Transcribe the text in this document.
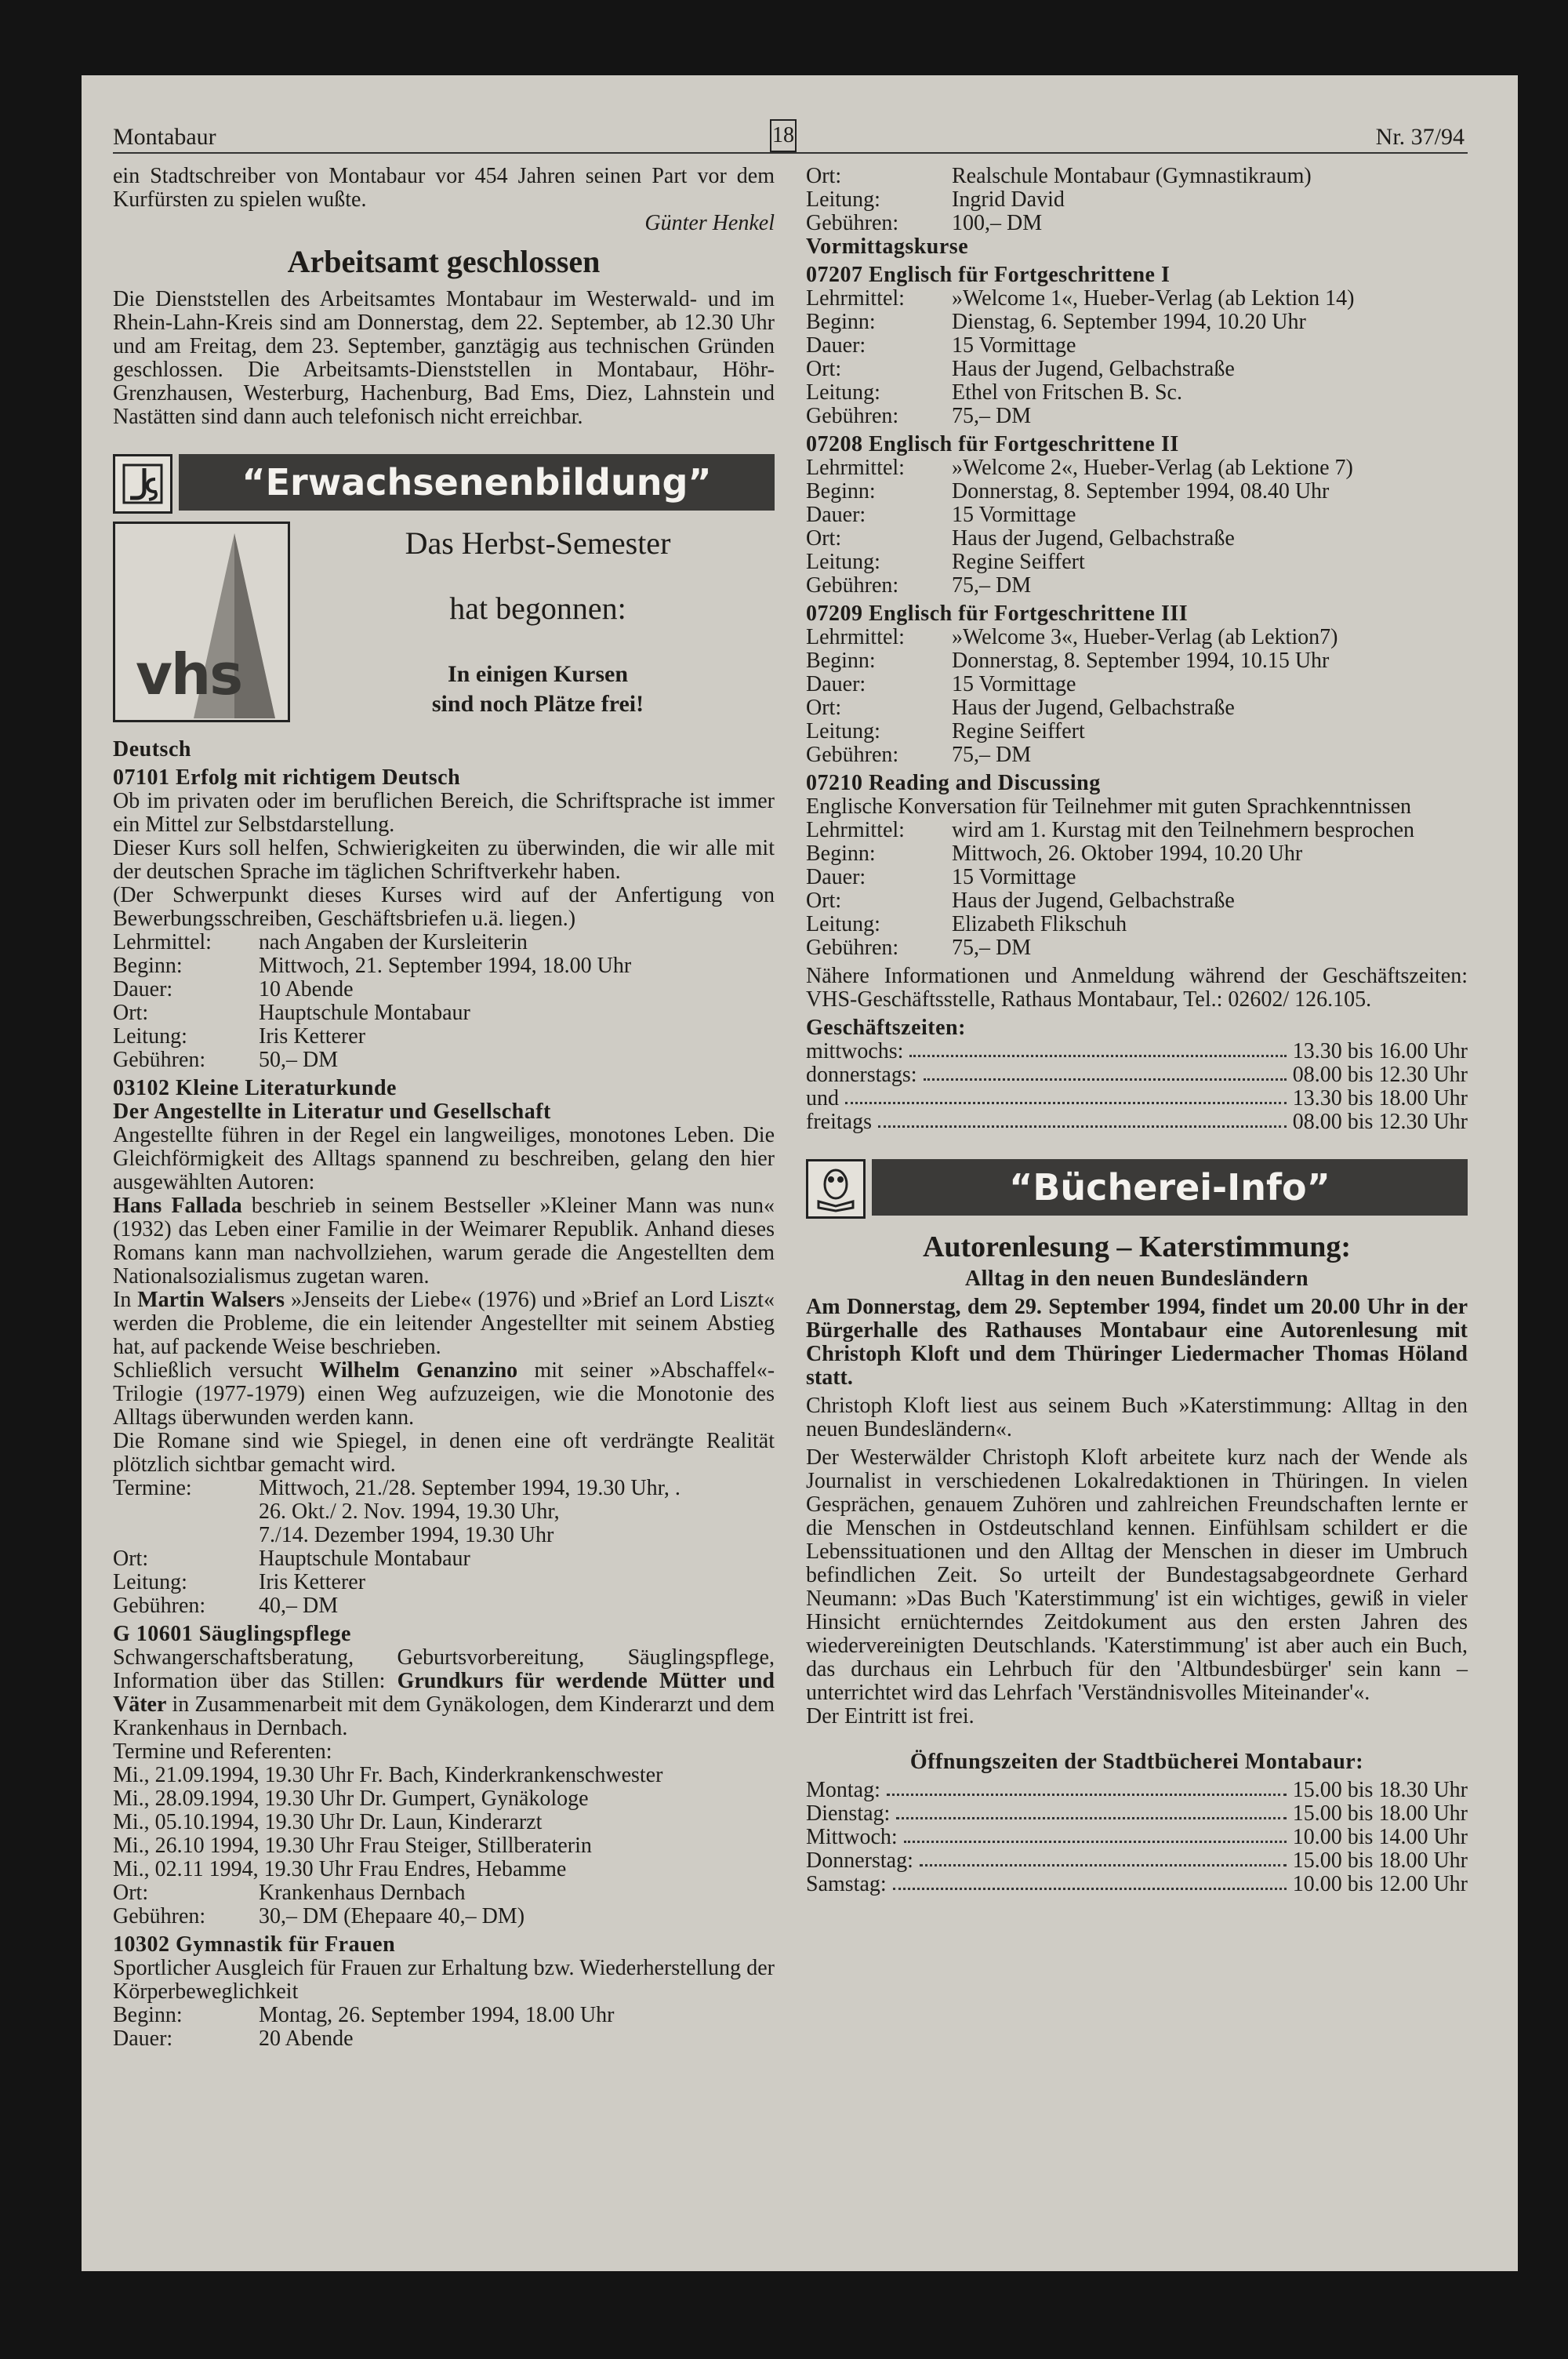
Montabaur	18	Nr. 37/94

ein Stadtschreiber von Montabaur vor 454 Jahren seinen Part vor dem Kurfürsten zu spielen wußte.

Günter Henkel

Arbeitsamt geschlossen

Die Dienststellen des Arbeitsamtes Montabaur im Westerwald- und im Rhein-Lahn-Kreis sind am Donnerstag, dem 22. September, ab 12.30 Uhr und am Freitag, dem 23. September, ganztägig aus technischen Gründen geschlossen. Die Arbeitsamts-Dienststellen in Montabaur, Höhr-Grenzhausen, Westerburg, Hachenburg, Bad Ems, Diez, Lahnstein und Nastätten sind dann auch telefonisch nicht erreichbar.

“Erwachsenenbildung”
vhs
Das Herbst-Semester
hat begonnen:
In einigen Kursen
sind noch Plätze frei!

Deutsch

07101 Erfolg mit richtigem Deutsch

Ob im privaten oder im beruflichen Bereich, die Schriftsprache ist immer ein Mittel zur Selbstdarstellung.

Dieser Kurs soll helfen, Schwierigkeiten zu überwinden, die wir alle mit der deutschen Sprache im täglichen Schriftverkehr haben.

(Der Schwerpunkt dieses Kurses wird auf der Anfertigung von Bewerbungsschreiben, Geschäftsbriefen u.ä. liegen.)

Lehrmittel:	nach Angaben der Kursleiterin
Beginn:	Mittwoch, 21. September 1994, 18.00 Uhr
Dauer:	10 Abende
Ort:	Hauptschule Montabaur
Leitung:	Iris Ketterer
Gebühren:	50,– DM

03102 Kleine Literaturkunde

Der Angestellte in Literatur und Gesellschaft

Angestellte führen in der Regel ein langweiliges, monotones Leben. Die Gleichförmigkeit des Alltags spannend zu beschreiben, gelang den hier ausgewählten Autoren:

Hans Fallada beschrieb in seinem Bestseller »Kleiner Mann was nun« (1932) das Leben einer Familie in der Weimarer Republik. Anhand dieses Romans kann man nachvollziehen, warum gerade die Angestellten dem Nationalsozialismus zugetan waren.

In Martin Walsers »Jenseits der Liebe« (1976) und »Brief an Lord Liszt« werden die Probleme, die ein leitender Angestellter mit seinem Abstieg hat, auf packende Weise beschrieben.

Schließlich versucht Wilhelm Genanzino mit seiner »Abschaffel«- Trilogie (1977-1979) einen Weg aufzuzeigen, wie die Monotonie des Alltags überwunden werden kann.

Die Romane sind wie Spiegel, in denen eine oft verdrängte Realität plötzlich sichtbar gemacht wird.

Termine:	Mittwoch, 21./28. September 1994, 19.30 Uhr, .
26. Okt./ 2. Nov. 1994, 19.30 Uhr,
7./14. Dezember 1994, 19.30 Uhr
Ort:	Hauptschule Montabaur
Leitung:	Iris Ketterer
Gebühren:	40,– DM

G 10601 Säuglingspflege

Schwangerschaftsberatung, Geburtsvorbereitung, Säuglingspflege, Information über das Stillen: Grundkurs für werdende Mütter und Väter in Zusammenarbeit mit dem Gynäkologen, dem Kinderarzt und dem Krankenhaus in Dernbach.

Termine und Referenten:

Mi., 21.09.1994, 19.30 Uhr Fr. Bach, Kinderkrankenschwester

Mi., 28.09.1994, 19.30 Uhr Dr. Gumpert, Gynäkologe

Mi., 05.10.1994, 19.30 Uhr Dr. Laun, Kinderarzt

Mi., 26.10 1994, 19.30 Uhr Frau Steiger, Stillberaterin

Mi., 02.11 1994, 19.30 Uhr Frau Endres, Hebamme

Ort:	Krankenhaus Dernbach
Gebühren:	30,– DM (Ehepaare 40,– DM)

10302 Gymnastik für Frauen

Sportlicher Ausgleich für Frauen zur Erhaltung bzw. Wiederherstellung der Körperbeweglichkeit

Beginn:	Montag, 26. September 1994, 18.00 Uhr
Dauer:	20 Abende
Ort:	Realschule Montabaur (Gymnastikraum)
Leitung:	Ingrid David
Gebühren:	100,– DM

Vormittagskurse

07207 Englisch für Fortgeschrittene I

Lehrmittel:	»Welcome 1«, Hueber-Verlag (ab Lektion 14)
Beginn:	Dienstag, 6. September 1994, 10.20 Uhr
Dauer:	15 Vormittage
Ort:	Haus der Jugend, Gelbachstraße
Leitung:	Ethel von Fritschen B. Sc.
Gebühren:	75,– DM

07208 Englisch für Fortgeschrittene II

Lehrmittel:	»Welcome 2«, Hueber-Verlag (ab Lektione 7)
Beginn:	Donnerstag, 8. September 1994, 08.40 Uhr
Dauer:	15 Vormittage
Ort:	Haus der Jugend, Gelbachstraße
Leitung:	Regine Seiffert
Gebühren:	75,– DM

07209 Englisch für Fortgeschrittene III

Lehrmittel:	»Welcome 3«, Hueber-Verlag (ab Lektion7)
Beginn:	Donnerstag, 8. September 1994, 10.15 Uhr
Dauer:	15 Vormittage
Ort:	Haus der Jugend, Gelbachstraße
Leitung:	Regine Seiffert
Gebühren:	75,– DM

07210 Reading and Discussing

Englische Konversation für Teilnehmer mit guten Sprachkenntnissen

Lehrmittel:	wird am 1. Kurstag mit den Teilnehmern besprochen
Beginn:	Mittwoch, 26. Oktober 1994, 10.20 Uhr
Dauer:	15 Vormittage
Ort:	Haus der Jugend, Gelbachstraße
Leitung:	Elizabeth Flikschuh
Gebühren:	75,– DM

Nähere Informationen und Anmeldung während der Geschäftszeiten: VHS-Geschäftsstelle, Rathaus Montabaur, Tel.: 02602/ 126.105.

Geschäftszeiten:

mittwochs:	13.30 bis 16.00 Uhr
donnerstags:	08.00 bis 12.30 Uhr
und	13.30 bis 18.00 Uhr
freitags	08.00 bis 12.30 Uhr
“Bücherei-Info”
Autorenlesung – Katerstimmung:

Alltag in den neuen Bundesländern

Am Donnerstag, dem 29. September 1994, findet um 20.00 Uhr in der Bürgerhalle des Rathauses Montabaur eine Autorenlesung mit Christoph Kloft und dem Thüringer Liedermacher Thomas Höland statt.

Christoph Kloft liest aus seinem Buch »Katerstimmung: Alltag in den neuen Bundesländern«.

Der Westerwälder Christoph Kloft arbeitete kurz nach der Wende als Journalist in verschiedenen Lokalredaktionen in Thüringen. In vielen Gesprächen, genauem Zuhören und zahlreichen Freundschaften lernte er die Menschen in Ostdeutschland kennen. Einfühlsam schildert er die Lebenssituationen und den Alltag der Menschen in dieser im Umbruch befindlichen Zeit. So urteilt der Bundestagsabgeordnete Gerhard Neumann: »Das Buch 'Katerstimmung' ist ein wichtiges, gewiß in vieler Hinsicht ernüchterndes Zeitdokument aus den ersten Jahren des wiedervereinigten Deutschlands. 'Katerstimmung' ist aber auch ein Buch, das durchaus ein Lehrbuch für den 'Altbundesbürger' sein kann – unterrichtet wird das Lehrfach 'Verständnisvolles Miteinander'«.

Der Eintritt ist frei.

Öffnungszeiten der Stadtbücherei Montabaur:

Montag:	15.00 bis 18.30 Uhr
Dienstag:	15.00 bis 18.00 Uhr
Mittwoch:	10.00 bis 14.00 Uhr
Donnerstag:	15.00 bis 18.00 Uhr
Samstag:	10.00 bis 12.00 Uhr
